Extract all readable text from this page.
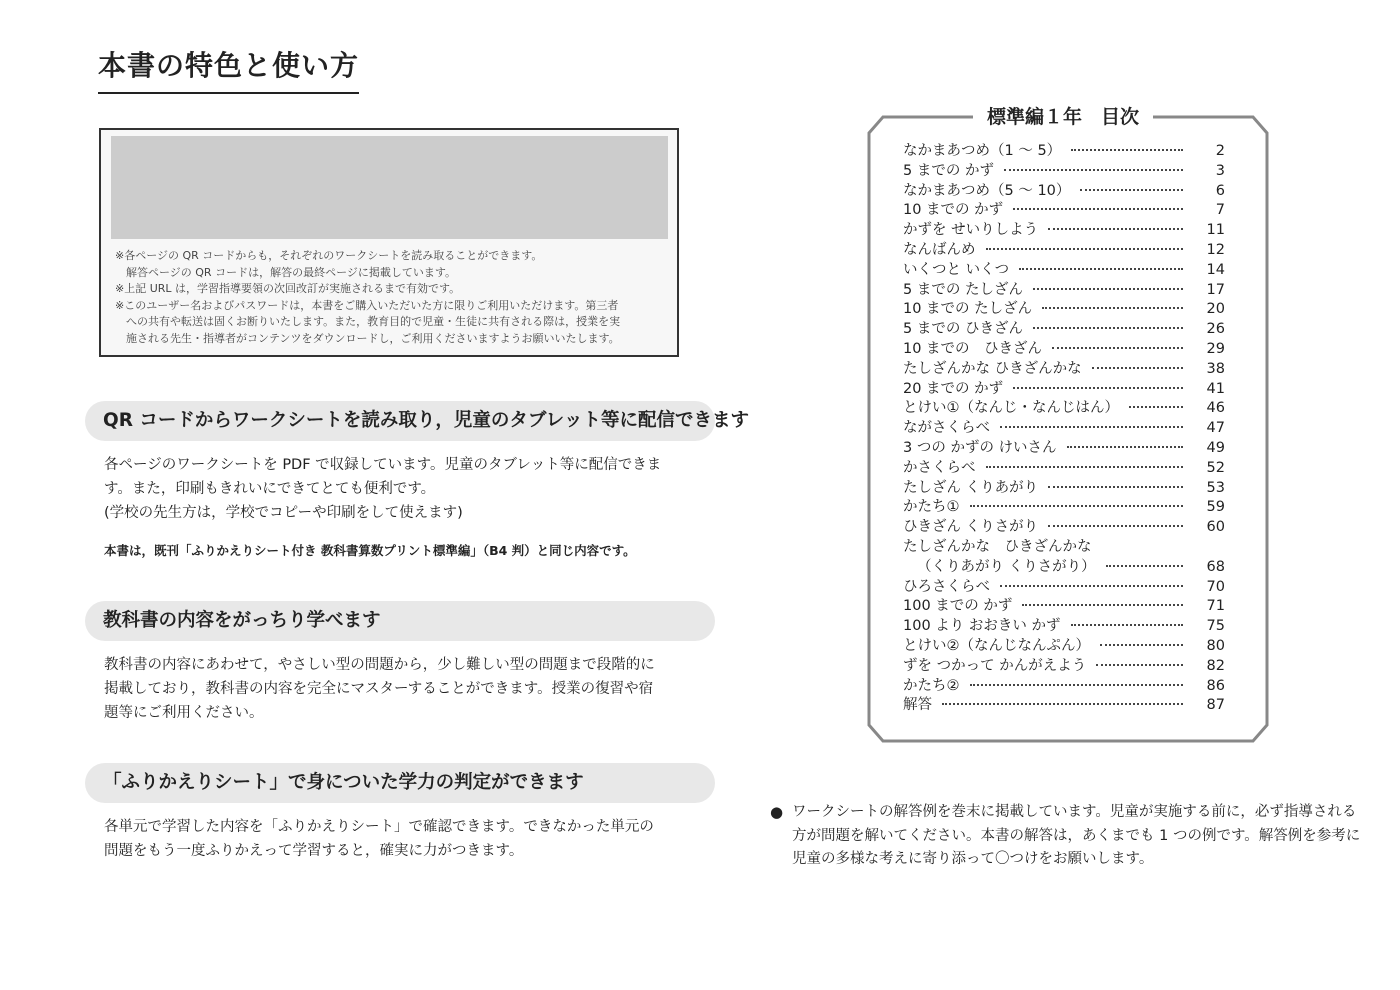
本書の特色と使い方
※各ページの QR コードからも，それぞれのワークシートを読み取ることができます。
　解答ページの QR コードは，解答の最終ページに掲載しています。
※上記 URL は，学習指導要領の次回改訂が実施されるまで有効です。
※このユーザー名およびパスワードは，本書をご購入いただいた方に限りご利用いただけます。第三者
　への共有や転送は固くお断りいたします。また，教育目的で児童・生徒に共有される際は，授業を実
　施される先生・指導者がコンテンツをダウンロードし，ご利用くださいますようお願いいたします。
QR コードからワークシートを読み取り，児童のタブレット等に配信できます

各ページのワークシートを PDF で収録しています。児童のタブレット等に配信できま

す。また，印刷もきれいにできてとても便利です。

(学校の先生方は，学校でコピーや印刷をして使えます)

本書は，既刊「ふりかえりシート付き 教科書算数プリント標準編」（B4 判）と同じ内容です。
教科書の内容をがっちり学べます

教科書の内容にあわせて，やさしい型の問題から，少し難しい型の問題まで段階的に

掲載しており，教科書の内容を完全にマスターすることができます。授業の復習や宿

題等にご利用ください。

「ふりかえりシート」で身についた学力の判定ができます

各単元で学習した内容を「ふりかえりシート」で確認できます。できなかった単元の

問題をもう一度ふりかえって学習すると，確実に力がつきます。

標準編１年　目次
なかまあつめ（1 ～ 5）	2
5 までの かず	3
なかまあつめ（5 ～ 10）	6
10 までの かず	7
かずを せいりしよう	11
なんばんめ	12
いくつと いくつ	14
5 までの たしざん	17
10 までの たしざん	20
5 までの ひきざん	26
10 までの　ひきざん	29
たしざんかな ひきざんかな	38
20 までの かず	41
とけい①（なんじ・なんじはん）	46
ながさくらべ	47
3 つの かずの けいさん	49
かさくらべ	52
たしざん くりあがり	53
かたち①	59
ひきざん くりさがり	60
たしざんかな　ひきざんかな
（くりあがり くりさがり）	68
ひろさくらべ	70
100 までの かず	71
100 より おおきい かず	75
とけい②（なんじなんぷん）	80
ずを つかって かんがえよう	82
かたち②	86
解答	87
● ワークシートの解答例を巻末に掲載しています。児童が実施する前に，必ず指導される方が問題を解いてください。本書の解答は，あくまでも 1 つの例です。解答例を参考に児童の多様な考えに寄り添って〇つけをお願いします。
